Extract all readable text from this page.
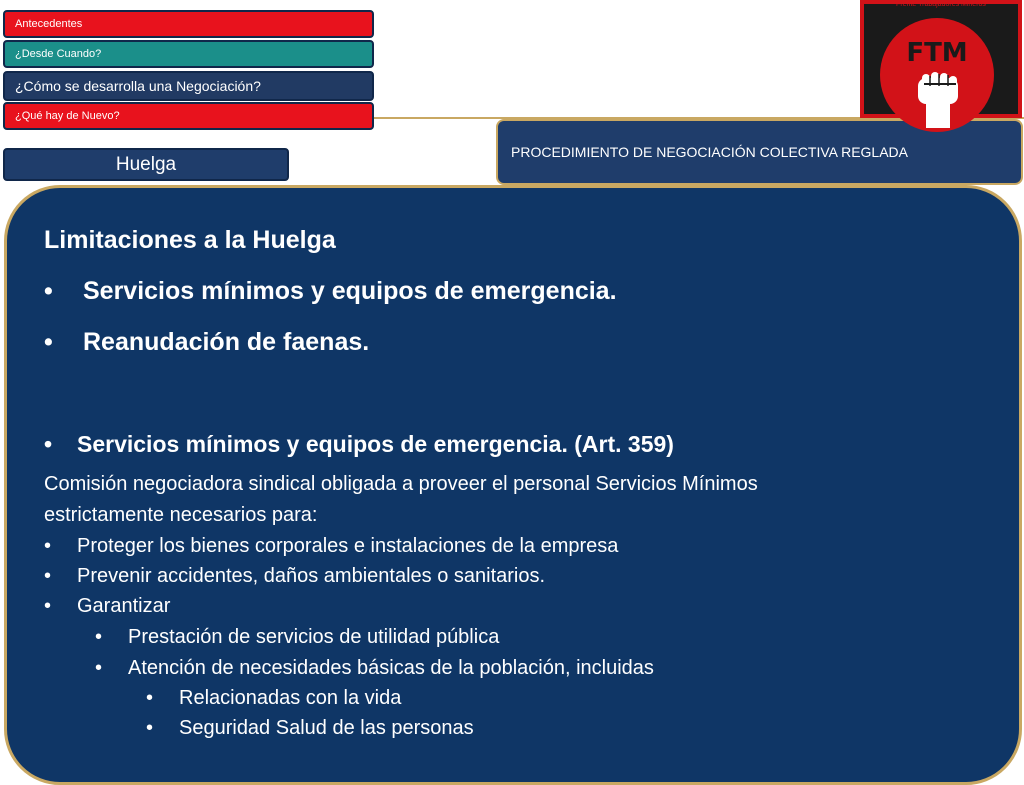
Antecedentes
¿Desde Cuando?
¿Cómo se desarrolla una Negociación?
¿Qué hay de Nuevo?
Huelga
PROCEDIMIENTO DE NEGOCIACIÓN COLECTIVA REGLADA
Frente Trabajadores Mineros
FTM
Limitaciones a la Huelga
• Servicios mínimos y equipos de emergencia.
• Reanudación de faenas.
• Servicios mínimos y equipos de emergencia. (Art. 359)
Comisión negociadora sindical obligada a proveer el personal Servicios Mínimos
estrictamente necesarios para:
• Proteger los bienes corporales e instalaciones de la empresa
• Prevenir accidentes, daños ambientales o sanitarios.
• Garantizar
• Prestación de servicios de utilidad pública
• Atención de necesidades básicas de la población, incluidas
• Relacionadas con la vida
• Seguridad Salud de las personas
